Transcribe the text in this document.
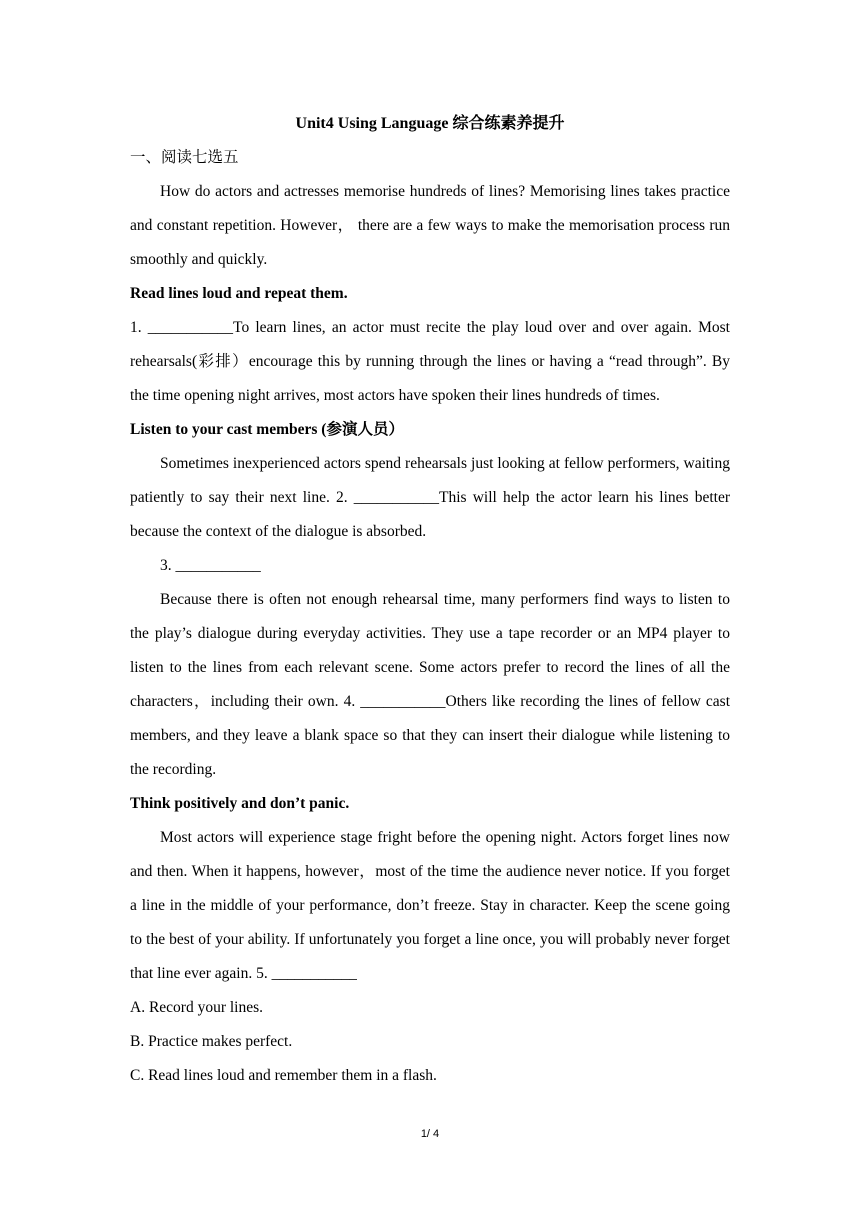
Unit4 Using Language 综合练素养提升
一、阅读七选五

How do actors and actresses memorise hundreds of lines? Memorising lines takes practice and constant repetition. However， there are a few ways to make the memorisation process run smoothly and quickly.

Read lines loud and repeat them.

1. ___________To learn lines, an actor must recite the play loud over and over again. Most rehearsals(彩排）encourage this by running through the lines or having a “read through”. By the time opening night arrives, most actors have spoken their lines hundreds of times.

Listen to your cast members (参演人员）

Sometimes inexperienced actors spend rehearsals just looking at fellow performers, waiting patiently to say their next line. 2. ___________This will help the actor learn his lines better because the context of the dialogue is absorbed.

3. ___________

Because there is often not enough rehearsal time, many performers find ways to listen to the play’s dialogue during everyday activities. They use a tape recorder or an MP4 player to listen to the lines from each relevant scene. Some actors prefer to record the lines of all the characters，including their own. 4. ___________Others like recording the lines of fellow cast members, and they leave a blank space so that they can insert their dialogue while listening to the recording.

Think positively and don’t panic.

Most actors will experience stage fright before the opening night. Actors forget lines now and then. When it happens, however，most of the time the audience never notice. If you forget a line in the middle of your performance, don’t freeze. Stay in character. Keep the scene going to the best of your ability. If unfortunately you forget a line once, you will probably never forget that line ever again. 5. ___________

A. Record your lines.

B. Practice makes perfect.

C. Read lines loud and remember them in a flash.

1/ 4
